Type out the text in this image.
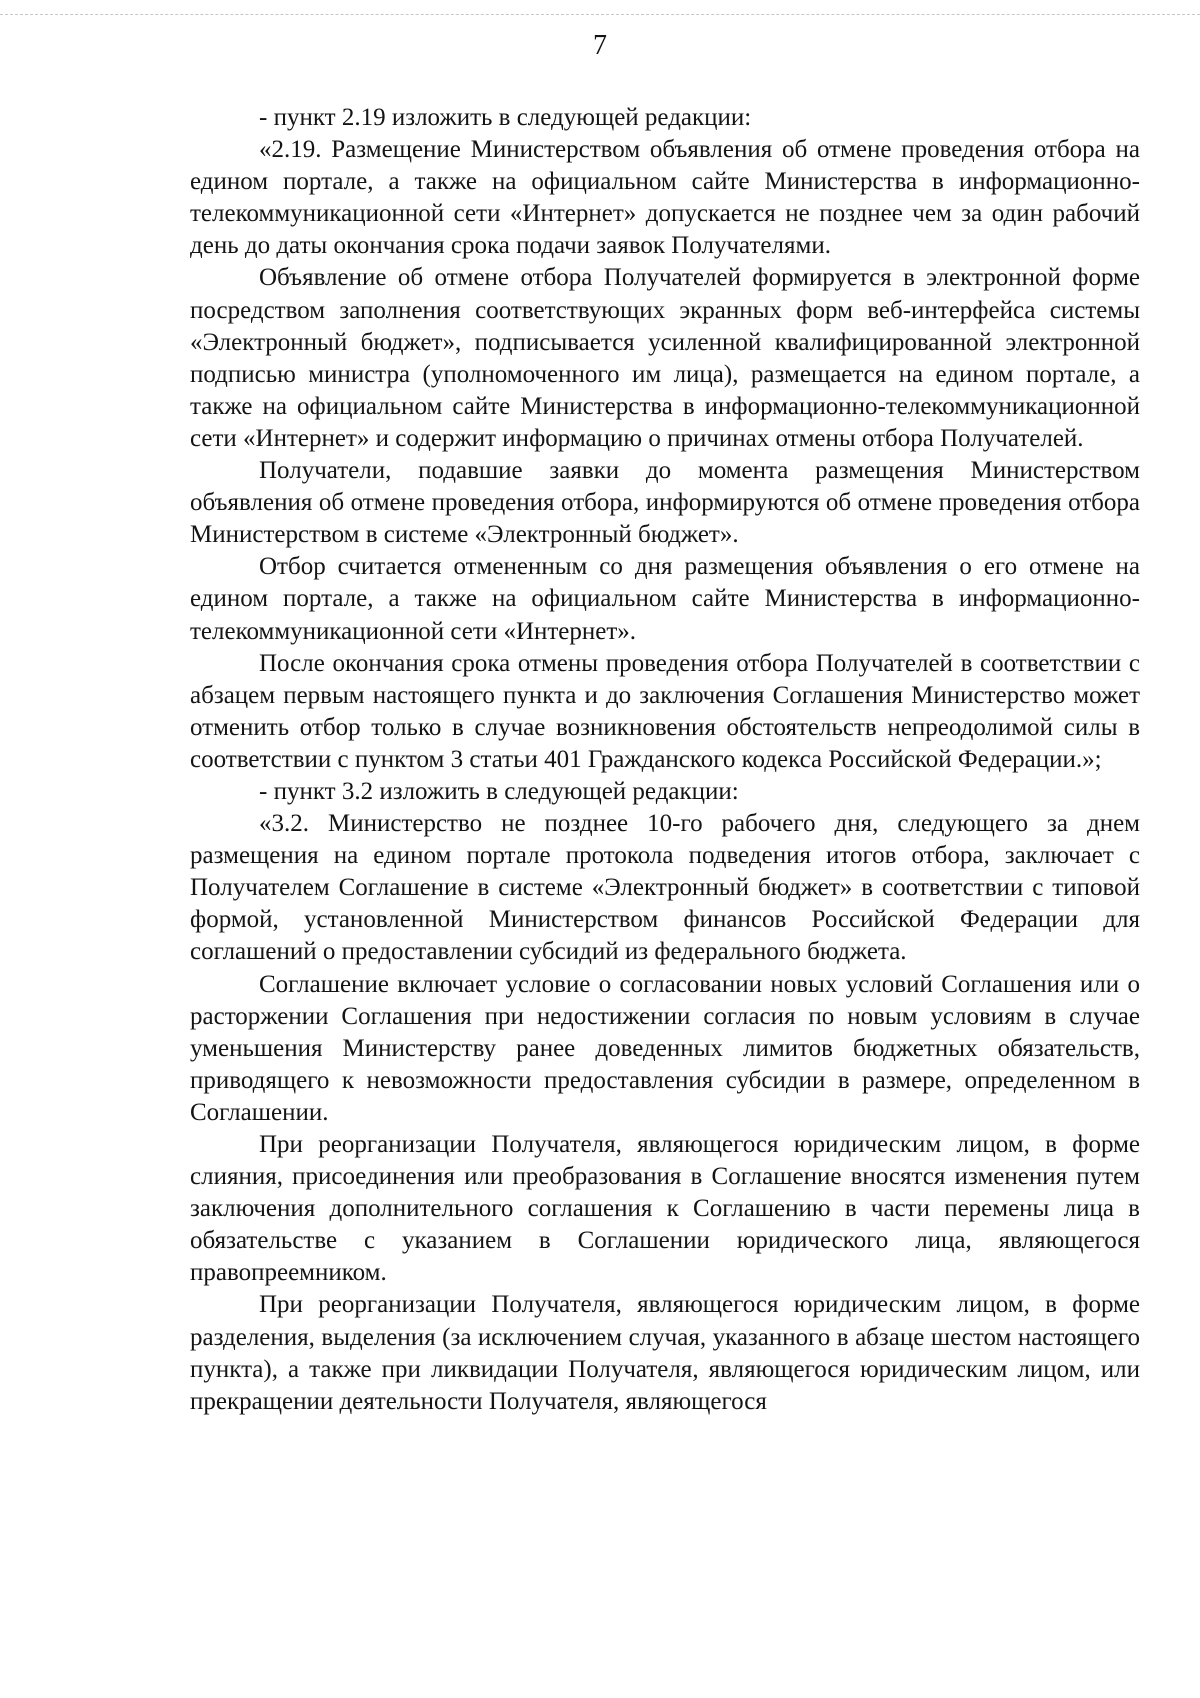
7

- пункт 2.19 изложить в следующей редакции:

«2.19. Размещение Министерством объявления об отмене проведения отбора на едином портале, а также на официальном сайте Министерства в информационно-телекоммуникационной сети «Интернет» допускается не позднее чем за один рабочий день до даты окончания срока подачи заявок Получателями.

Объявление об отмене отбора Получателей формируется в электронной форме посредством заполнения соответствующих экранных форм веб-интерфейса системы «Электронный бюджет», подписывается усиленной квалифицированной электронной подписью министра (уполномоченного им лица), размещается на едином портале, а также на официальном сайте Министерства в информационно-телекоммуникационной сети «Интернет» и содержит информацию о причинах отмены отбора Получателей.

Получатели, подавшие заявки до момента размещения Министерством объявления об отмене проведения отбора, информируются об отмене проведения отбора Министерством в системе «Электронный бюджет».

Отбор считается отмененным со дня размещения объявления о его отмене на едином портале, а также на официальном сайте Министерства в информационно-телекоммуникационной сети «Интернет».

После окончания срока отмены проведения отбора Получателей в соответствии с абзацем первым настоящего пункта и до заключения Соглашения Министерство может отменить отбор только в случае возникновения обстоятельств непреодолимой силы в соответствии с пунктом 3 статьи 401 Гражданского кодекса Российской Федерации.»;

- пункт 3.2 изложить в следующей редакции:

«3.2. Министерство не позднее 10-го рабочего дня, следующего за днем размещения на едином портале протокола подведения итогов отбора, заключает с Получателем Соглашение в системе «Электронный бюджет» в соответствии с типовой формой, установленной Министерством финансов Российской Федерации для соглашений о предоставлении субсидий из федерального бюджета.

Соглашение включает условие о согласовании новых условий Соглашения или о расторжении Соглашения при недостижении согласия по новым условиям в случае уменьшения Министерству ранее доведенных лимитов бюджетных обязательств, приводящего к невозможности предоставления субсидии в размере, определенном в Соглашении.

При реорганизации Получателя, являющегося юридическим лицом, в форме слияния, присоединения или преобразования в Соглашение вносятся изменения путем заключения дополнительного соглашения к Соглашению в части перемены лица в обязательстве с указанием в Соглашении юридического лица, являющегося правопреемником.

При реорганизации Получателя, являющегося юридическим лицом, в форме разделения, выделения (за исключением случая, указанного в абзаце шестом настоящего пункта), а также при ликвидации Получателя, являющегося юридическим лицом, или прекращении деятельности Получателя, являющегося
